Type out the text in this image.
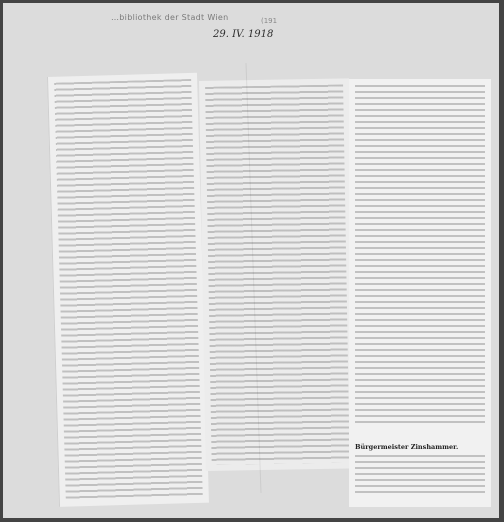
…bibliothek der Stadt Wien	(191
29. IV. 1918
Bürgermeister Zinshammer.
